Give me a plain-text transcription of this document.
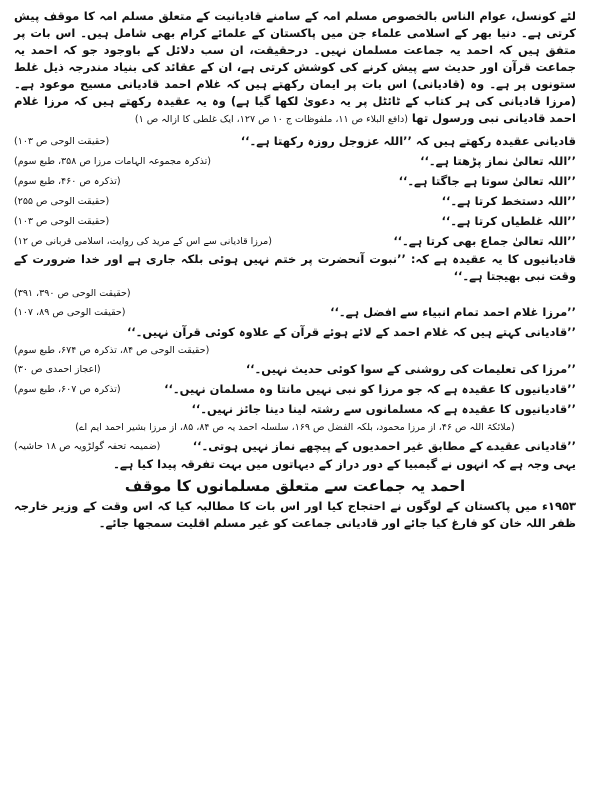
لئے کونسل، عوام الناس بالخصوص مسلم امہ کے سامنے قادیانیت کے متعلق مسلم امہ کا موقف پیش کرتی ہے۔ دنیا بھر کے اسلامی علماء جن میں پاکستان کے علمائے کرام بھی شامل ہیں۔ اس بات پر متفق ہیں کہ احمد یہ جماعت مسلمان نہیں۔ درحقیقت، ان سب دلائل کے باوجود جو کہ احمد یہ جماعت قرآن اور حدیث سے پیش کرنے کی کوشش کرتی ہے، ان کے عقائد کی بنیاد مندرجہ ذیل غلط ستونوں پر ہے۔ وہ (قادیانی) اس بات پر ایمان رکھتے ہیں کہ غلام احمد قادیانی مسیح موعود ہے۔ (مرزا قادیانی کی ہر کتاب کے ٹائٹل پر یہ دعویٰ لکھا گیا ہے) وہ یہ عقیدہ رکھتے ہیں کہ مرزا غلام احمد قادیانی نبی ورسول تھا (دافع البلاء ص ۱۱، ملفوظات ج ۱۰ ص ۱۲۷، ایک غلطی کا ازالہ ص ۱)

قادیانی عقیدہ رکھتے ہیں کہ ’’اللہ عزوجل روزہ رکھتا ہے۔‘‘
(حقیقت الوحی ص ۱۰۳)
’’اللہ تعالیٰ نماز پڑھتا ہے۔‘‘
(تذکرہ مجموعہ الہامات مرزا ص ۳۵۸، طبع سوم)
’’اللہ تعالیٰ سوتا ہے جاگتا ہے۔‘‘
(تذکرہ ص ۴۶۰، طبع سوم)
’’اللہ دستخط کرتا ہے۔‘‘
(حقیقت الوحی ص ۲۵۵)
’’اللہ غلطیاں کرتا ہے۔‘‘
(حقیقت الوحی ص ۱۰۳)
’’اللہ تعالیٰ جماع بھی کرتا ہے۔‘‘
(مرزا قادیانی سے اس کے مرید کی روایت، اسلامی قربانی ص ۱۲)

قادیانیوں کا یہ عقیدہ ہے کہ: ’’نبوت آنحضرت پر ختم نہیں ہوئی بلکہ جاری ہے اور خدا ضرورت کے وقت نبی بھیجتا ہے۔‘‘

(حقیقت الوحی ص ۳۹۰، ۳۹۱)
’’مرزا غلام احمد تمام انبیاء سے افضل ہے۔‘‘
(حقیقت الوحی ص ۸۹، ۱۰۷)
’’قادیانی کہتے ہیں کہ غلام احمد کے لائے ہوئے قرآن کے علاوہ کوئی قرآن نہیں۔‘‘
(حقیقت الوحی ص ۸۴، تذکرہ ص ۶۷۴، طبع سوم)
’’مرزا کی تعلیمات کی روشنی کے سوا کوئی حدیث نہیں۔‘‘
(اعجاز احمدی ص ۳۰)
’’قادیانیوں کا عقیدہ ہے کہ جو مرزا کو نبی نہیں مانتا وہ مسلمان نہیں۔‘‘
(تذکرہ ص ۶۰۷، طبع سوم)
’’قادیانیوں کا عقیدہ ہے کہ مسلمانوں سے رشتہ لینا دینا جائز نہیں۔‘‘
(ملائکۃ اللہ ص ۴۶، از مرزا محمود، بلکہ الفضل ص ۱۶۹، سلسلہ احمد یہ ص ۸۴، ۸۵، از مرزا بشیر احمد ایم اے)
’’قادیانی عقیدے کے مطابق غیر احمدیوں کے پیچھے نماز نہیں ہوتی۔‘‘
(ضمیمہ تحفہ گولڑویہ ص ۱۸ حاشیہ)

یہی وجہ ہے کہ انہوں نے گیمبیا کے دور دراز کے دیہاتوں میں بہت تفرقہ پیدا کیا ہے۔

احمد یہ جماعت سے متعلق مسلمانوں کا موقف

۱۹۵۳ء میں پاکستان کے لوگوں نے احتجاج کیا اور اس بات کا مطالبہ کیا کہ اس وقت کے وزیر خارجہ ظفر اللہ خان کو فارغ کیا جائے اور قادیانی جماعت کو غیر مسلم اقلیت سمجھا جائے۔
